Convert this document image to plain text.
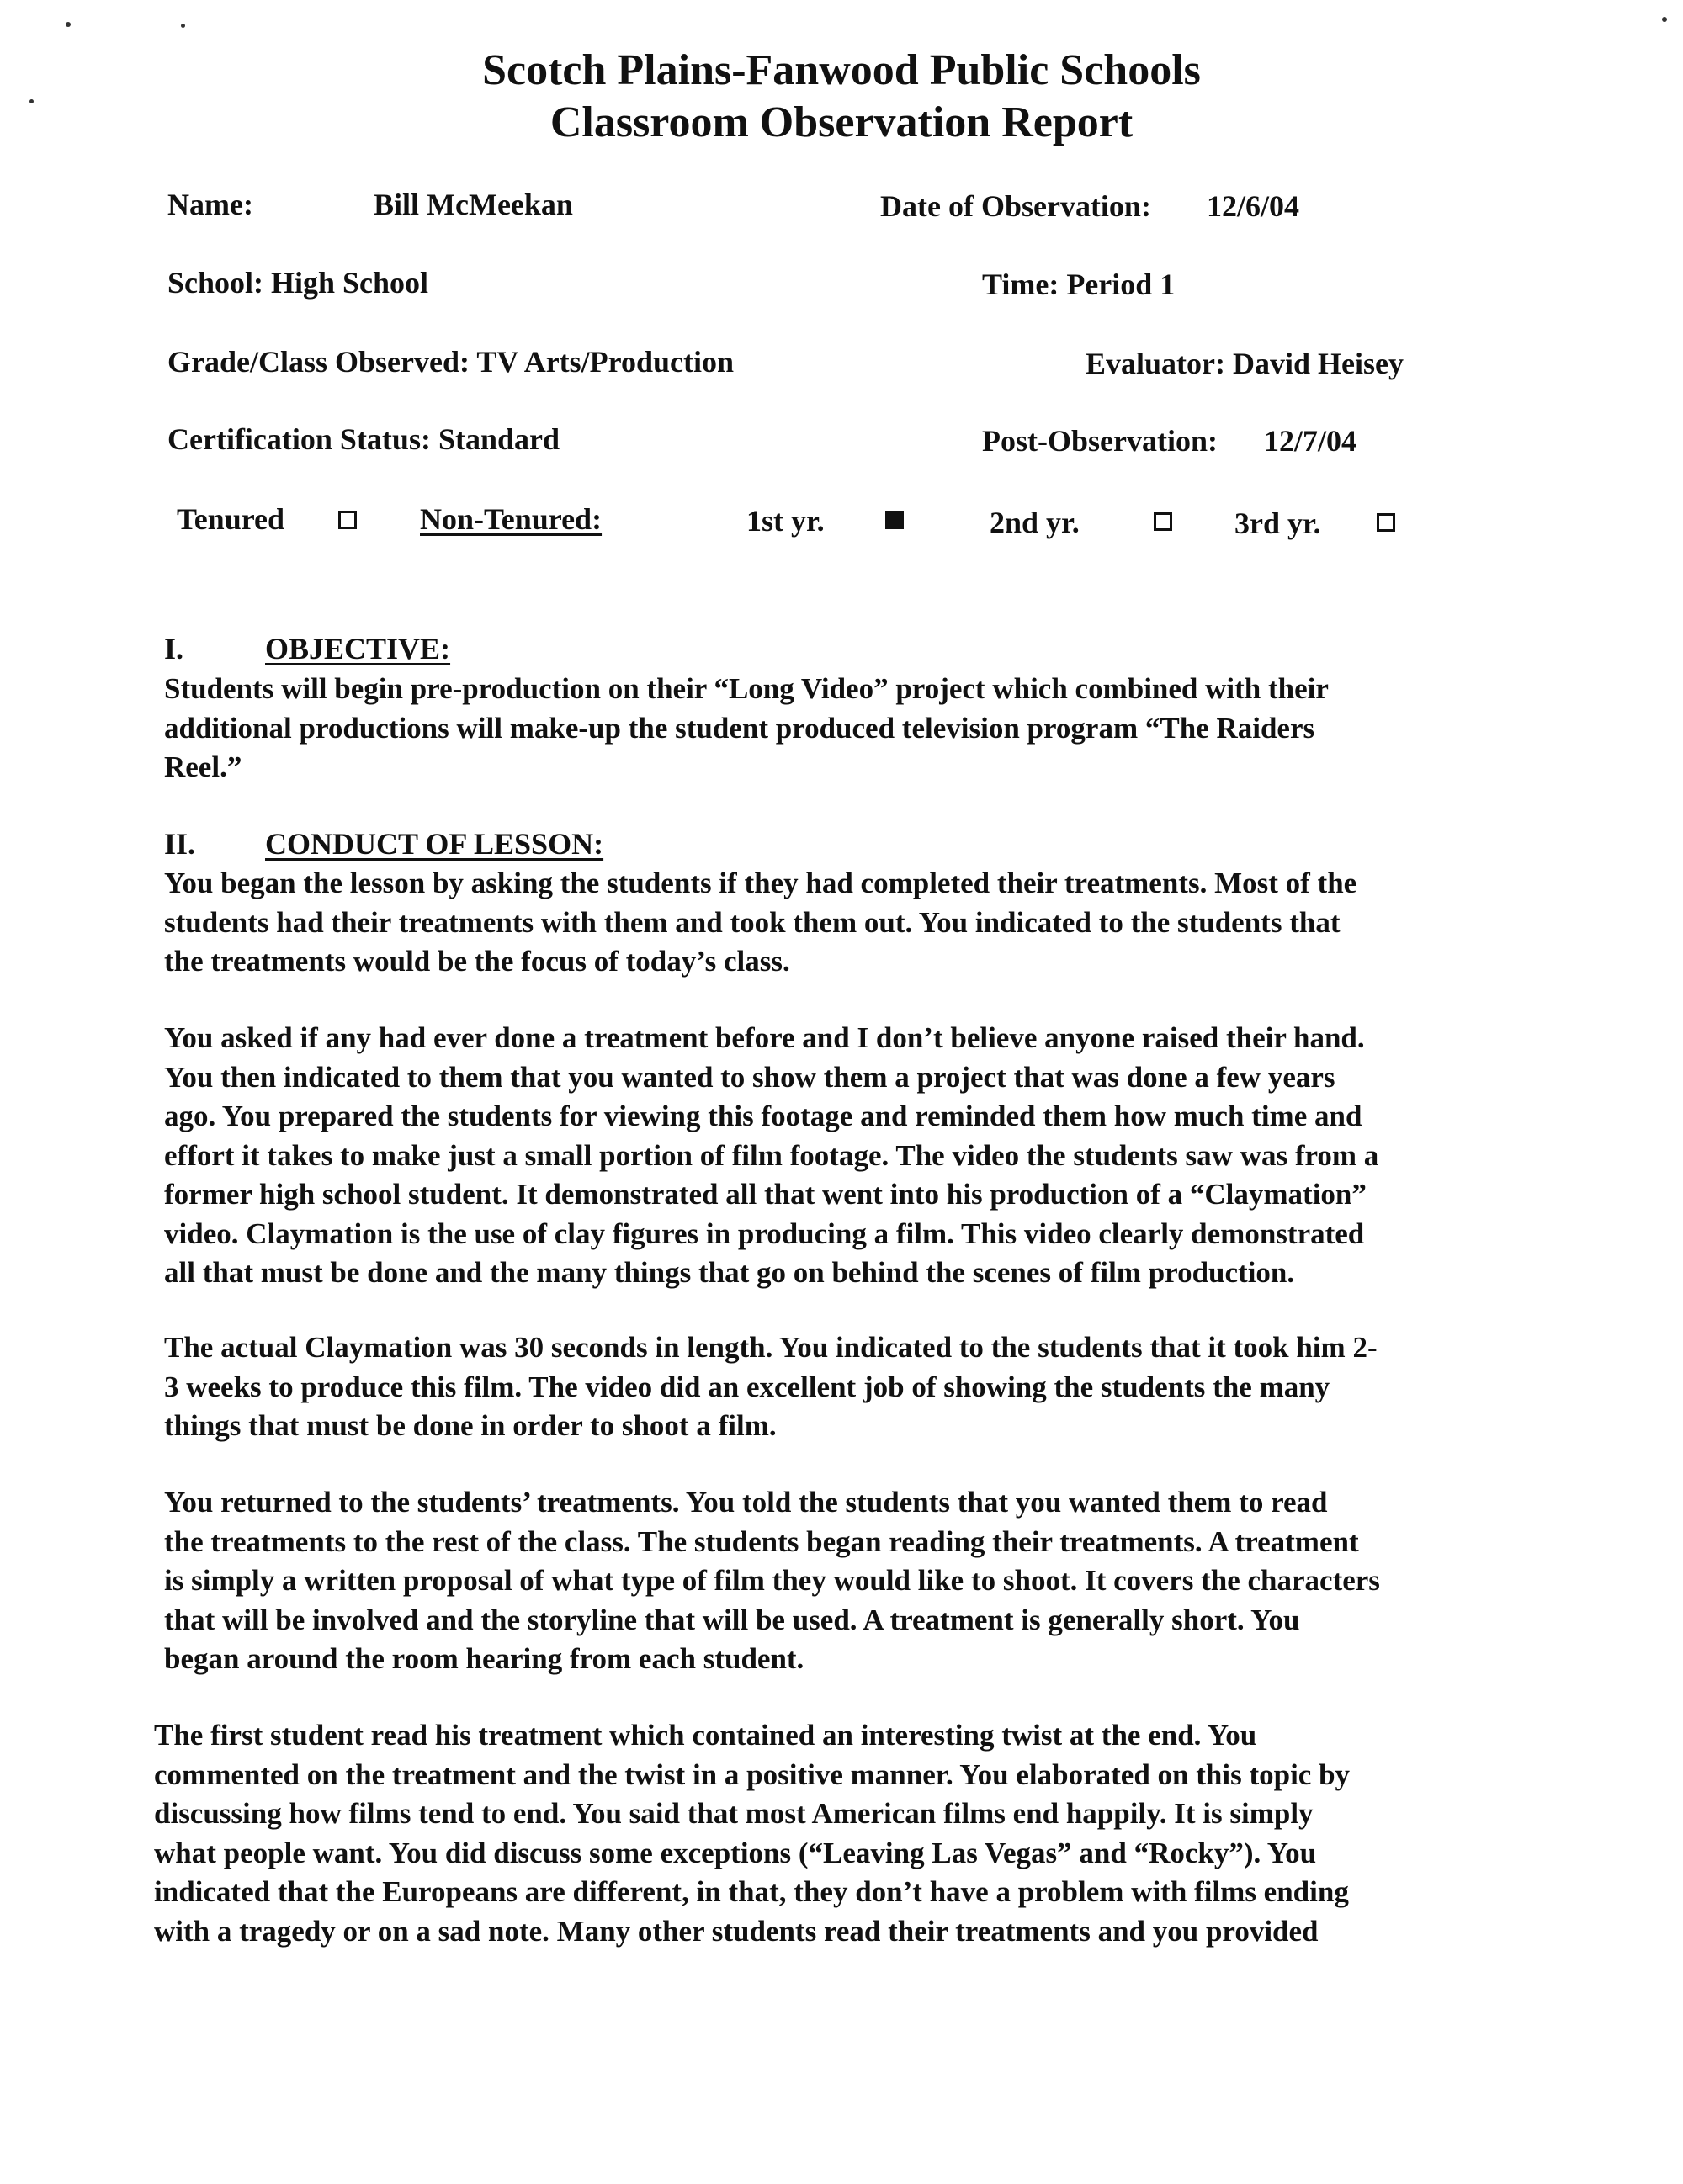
Scotch Plains-Fanwood Public Schools
Classroom Observation Report
Name:	Bill McMeekan	Date of Observation: 12/6/04
School: High School	Time: Period 1
Grade/Class Observed: TV Arts/Production	Evaluator: David Heisey
Certification Status: Standard	Post-Observation: 12/7/04
Tenured	Non-Tenured:	1st yr.	2nd yr.	3rd yr.
I.	OBJECTIVE:
Students will begin pre-production on their “Long Video” project which combined with their
additional productions will make-up the student produced television program “The Raiders
Reel.”
II. CONDUCT OF LESSON:
You began the lesson by asking the students if they had completed their treatments. Most of the
students had their treatments with them and took them out. You indicated to the students that
the treatments would be the focus of today’s class.
You asked if any had ever done a treatment before and I don’t believe anyone raised their hand.
You then indicated to them that you wanted to show them a project that was done a few years
ago. You prepared the students for viewing this footage and reminded them how much time and
effort it takes to make just a small portion of film footage. The video the students saw was from a
former high school student. It demonstrated all that went into his production of a “Claymation”
video. Claymation is the use of clay figures in producing a film. This video clearly demonstrated
all that must be done and the many things that go on behind the scenes of film production.
The actual Claymation was 30 seconds in length. You indicated to the students that it took him 2-
3 weeks to produce this film. The video did an excellent job of showing the students the many
things that must be done in order to shoot a film.
You returned to the students’ treatments. You told the students that you wanted them to read
the treatments to the rest of the class. The students began reading their treatments. A treatment
is simply a written proposal of what type of film they would like to shoot. It covers the characters
that will be involved and the storyline that will be used. A treatment is generally short. You
began around the room hearing from each student.
The first student read his treatment which contained an interesting twist at the end. You
commented on the treatment and the twist in a positive manner. You elaborated on this topic by
discussing how films tend to end. You said that most American films end happily. It is simply
what people want. You did discuss some exceptions (“Leaving Las Vegas” and “Rocky”). You
indicated that the Europeans are different, in that, they don’t have a problem with films ending
with a tragedy or on a sad note. Many other students read their treatments and you provided
